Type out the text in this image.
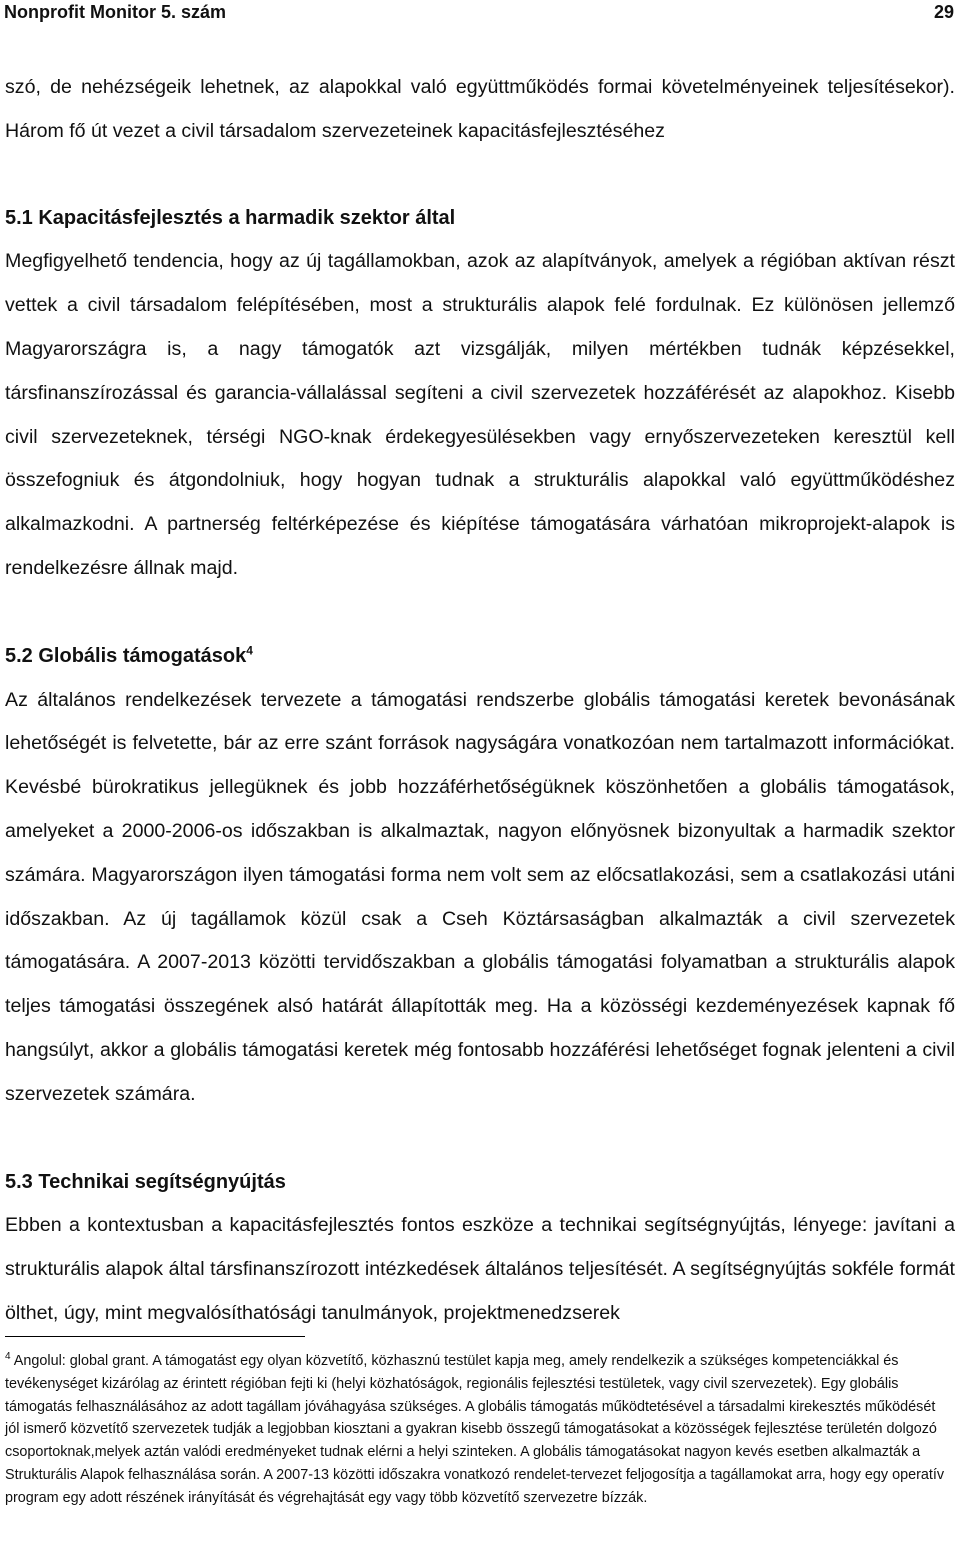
Nonprofit Monitor 5. szám	29

szó, de nehézségeik lehetnek, az alapokkal való együttműködés formai követelményeinek teljesítésekor). Három fő út vezet a civil társadalom szervezeteinek kapacitásfejlesztéséhez

5.1 Kapacitásfejlesztés a harmadik szektor által

Megfigyelhető tendencia, hogy az új tagállamokban, azok az alapítványok, amelyek a régióban aktívan részt vettek a civil társadalom felépítésében, most a strukturális alapok felé fordulnak. Ez különösen jellemző Magyarországra is, a nagy támogatók azt vizsgálják, milyen mértékben tudnák képzésekkel, társfinanszírozással és garancia-vállalással segíteni a civil szervezetek hozzáférését az alapokhoz. Kisebb civil szervezeteknek, térségi NGO-knak érdekegyesülésekben vagy ernyőszervezeteken keresztül kell összefogniuk és átgondolniuk, hogy hogyan tudnak a strukturális alapokkal való együttműködéshez alkalmazkodni. A partnerség feltérképezése és kiépítése támogatására várhatóan mikroprojekt-alapok is rendelkezésre állnak majd.

5.2 Globális támogatások$^4$

Az általános rendelkezések tervezete a támogatási rendszerbe globális támogatási keretek bevonásának lehetőségét is felvetette, bár az erre szánt források nagyságára vonatkozóan nem tartalmazott információkat. Kevésbé bürokratikus jellegüknek és jobb hozzáférhetőségüknek köszönhetően a globális támogatások, amelyeket a 2000-2006-os időszakban is alkalmaztak, nagyon előnyösnek bizonyultak a harmadik szektor számára. Magyarországon ilyen támogatási forma nem volt sem az előcsatlakozási, sem a csatlakozási utáni időszakban. Az új tagállamok közül csak a Cseh Köztársaságban alkalmazták a civil szervezetek támogatására. A 2007-2013 közötti tervidőszakban a globális támogatási folyamatban a strukturális alapok teljes támogatási összegének alsó határát állapították meg. Ha a közösségi kezdeményezések kapnak fő hangsúlyt, akkor a globális támogatási keretek még fontosabb hozzáférési lehetőséget fognak jelenteni a civil szervezetek számára.

5.3 Technikai segítségnyújtás

Ebben a kontextusban a kapacitásfejlesztés fontos eszköze a technikai segítségnyújtás, lényege: javítani a strukturális alapok által társfinanszírozott intézkedések általános teljesítését. A segítségnyújtás sokféle formát ölthet, úgy, mint megvalósíthatósági tanulmányok, projektmenedzserek

$^4$ Angolul: global grant. A támogatást egy olyan közvetítő, közhasznú testület kapja meg, amely rendelkezik a szükséges kompetenciákkal és tevékenységet kizárólag az érintett régióban fejti ki (helyi közhatóságok, regionális fejlesztési testületek, vagy civil szervezetek). Egy globális támogatás felhasználásához az adott tagállam jóváhagyása szükséges. A globális támogatás működtetésével a társadalmi kirekesztés működését jól ismerő közvetítő szervezetek tudják a legjobban kiosztani a gyakran kisebb összegű támogatásokat a közösségek fejlesztése területén dolgozó csoportoknak,melyek aztán valódi eredményeket tudnak elérni a helyi szinteken. A globális támogatásokat nagyon kevés esetben alkalmazták a Strukturális Alapok felhasználása során. A 2007-13 közötti időszakra vonatkozó rendelet-tervezet feljogosítja a tagállamokat arra, hogy egy operatív program egy adott részének irányítását és végrehajtását egy vagy több közvetítő szervezetre bízzák.
